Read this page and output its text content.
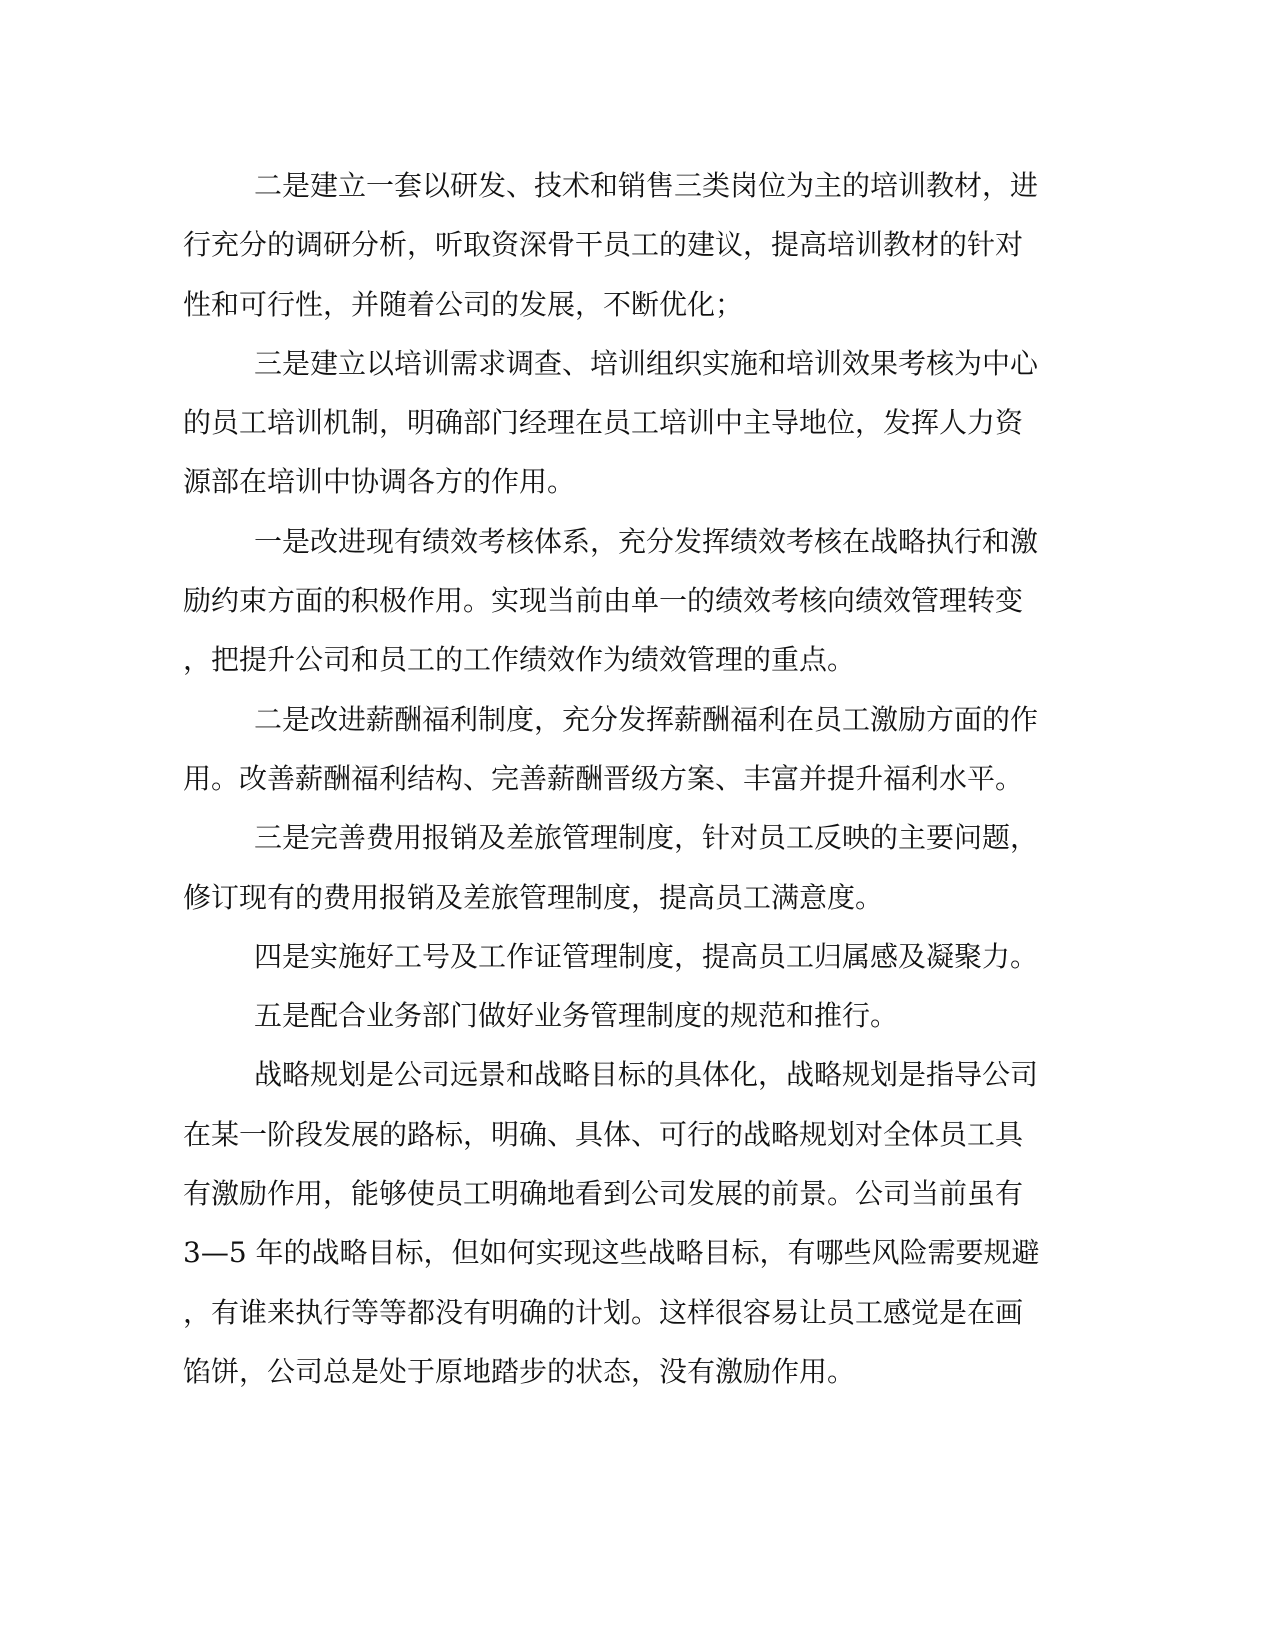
二是建立一套以研发、技术和销售三类岗位为主的培训教材，进
行充分的调研分析，听取资深骨干员工的建议，提高培训教材的针对
性和可行性，并随着公司的发展，不断优化；
三是建立以培训需求调查、培训组织实施和培训效果考核为中心
的员工培训机制，明确部门经理在员工培训中主导地位，发挥人力资
源部在培训中协调各方的作用。
一是改进现有绩效考核体系，充分发挥绩效考核在战略执行和激
励约束方面的积极作用。实现当前由单一的绩效考核向绩效管理转变
，把提升公司和员工的工作绩效作为绩效管理的重点。
二是改进薪酬福利制度，充分发挥薪酬福利在员工激励方面的作
用。改善薪酬福利结构、完善薪酬晋级方案、丰富并提升福利水平。
三是完善费用报销及差旅管理制度，针对员工反映的主要问题，
修订现有的费用报销及差旅管理制度，提高员工满意度。
四是实施好工号及工作证管理制度，提高员工归属感及凝聚力。
五是配合业务部门做好业务管理制度的规范和推行。
战略规划是公司远景和战略目标的具体化，战略规划是指导公司
在某一阶段发展的路标，明确、具体、可行的战略规划对全体员工具
有激励作用，能够使员工明确地看到公司发展的前景。公司当前虽有
3—5 年的战略目标，但如何实现这些战略目标，有哪些风险需要规避
，有谁来执行等等都没有明确的计划。这样很容易让员工感觉是在画
馅饼，公司总是处于原地踏步的状态，没有激励作用。
